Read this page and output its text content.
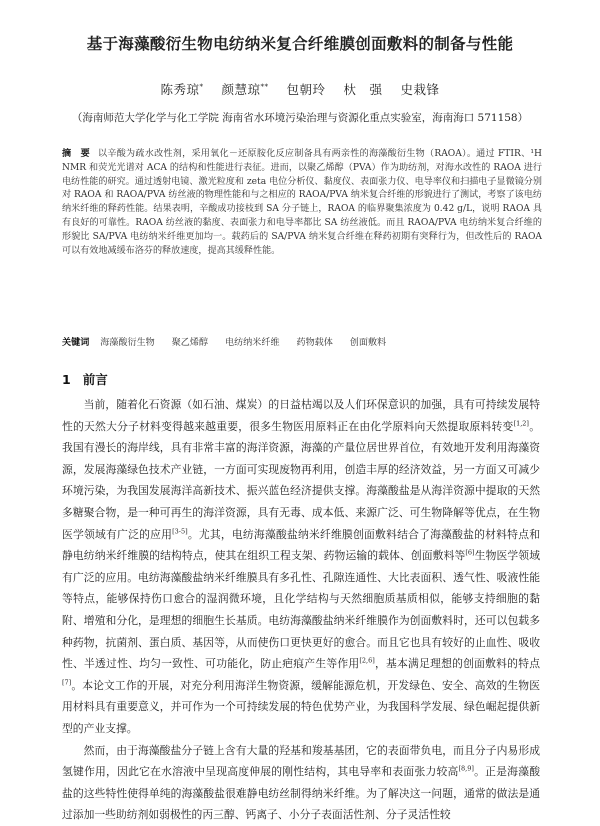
基于海藻酸衍生物电纺纳米复合纤维膜创面敷料的制备与性能
陈秀琼* 颜慧琼** 包朝玲 杕　强 史栽锋
（海南师范大学化学与化工学院 海南省水环境污染治理与资源化重点实验室，海南海口 571158）
摘　要 以辛酸为疏水改性剂，采用氧化－还原胺化反应制备具有两亲性的海藻酸衍生物（RAOA）。通过 FTIR、¹H NMR 和荧光光谱对 ACA 的结构和性能进行表征。进而，以聚乙烯醇（PVA）作为助纺剂，对海水改性的 RAOA 进行电纺性能的研究。通过透射电镜、激光粒度和 zeta 电位分析仪、黏度仪、表面张力仪、电导率仪和扫描电子显微镜分别对 RAOA 和 RAOA/PVA 纺丝液的物理性能和与之相应的 RAOA/PVA 纳米复合纤维的形貌进行了测试，考察了该电纺纳米纤维的释药性能。结果表明，辛酸成功接枝到 SA 分子链上，RAOA 的临界聚集浓度为 0.42 g/L，说明 RAOA 具有良好的可靠性。RAOA 纺丝液的黏度、表面张力和电导率都比 SA 纺丝液低。而且 RAOA/PVA 电纺纳米复合纤维的形貌比 SA/PVA 电纺纳米纤维更加均一。载药后的 SA/PVA 纳米复合纤维在释药初期有突释行为，但改性后的 RAOA 可以有效地减缓布洛芬的释放速度，提高其缓释性能。
关键词 海藻酸衍生物 聚乙烯醇 电纺纳米纤维 药物载体 创面敷料
1 前言

当前，随着化石资源（如石油、煤炭）的日益枯竭以及人们环保意识的加强，具有可持续发展特性的天然大分子材料变得越来越重要，很多生物医用原料正在由化学原料向天然提取原料转变[1,2]。我国有漫长的海岸线，具有非常丰富的海洋资源，海藻的产量位居世界首位，有效地开发利用海藻资源，发展海藻绿色技术产业链，一方面可实现废物再利用，创造丰厚的经济效益，另一方面又可减少环境污染，为我国发展海洋高新技术、振兴蓝色经济提供支撑。海藻酸盐是从海洋资源中提取的天然多糖聚合物，是一种可再生的海洋资源，具有无毒、成本低、来源广泛、可生物降解等优点，在生物医学领域有广泛的应用[3-5]。尤其，电纺海藻酸盐纳米纤维膜创面敷料结合了海藻酸盐的材料特点和静电纺纳米纤维膜的结构特点，使其在组织工程支架、药物运输的载体、创面敷料等[6]生物医学领域有广泛的应用。电纺海藻酸盐纳米纤维膜具有多孔性、孔隙连通性、大比表面积、透气性、吸液性能等特点，能够保持伤口愈合的湿润微环境，且化学结构与天然细胞质基质相似，能够支持细胞的黏附、增殖和分化，是理想的细胞生长基质。电纺海藻酸盐纳米纤维膜作为创面敷料时，还可以包载多种药物，抗菌剂、蛋白质、基因等，从而使伤口更快更好的愈合。而且它也具有较好的止血性、吸收性、半透过性、均匀一致性、可功能化，防止疤痕产生等作用[2,6]，基本满足理想的创面敷料的特点[7]。本论文工作的开展，对充分利用海洋生物资源，缓解能源危机，开发绿色、安全、高效的生物医用材料具有重要意义，并可作为一个可持续发展的特色优势产业，为我国科学发展、绿色崛起提供新型的产业支撑。

然而，由于海藻酸盐分子链上含有大量的羟基和羧基基团，它的表面带负电，而且分子内易形成氢键作用，因此它在水溶液中呈现高度伸展的刚性结构，其电导率和表面张力较高[8,9]。正是海藻酸盐的这些特性使得单纯的海藻酸盐很难静电纺丝制得纳米纤维。为了解决这一问题，通常的做法是通过添加一些助纺剂如弱极性的丙三醇、钙离子、小分子表面活性剂、分子灵活性较
